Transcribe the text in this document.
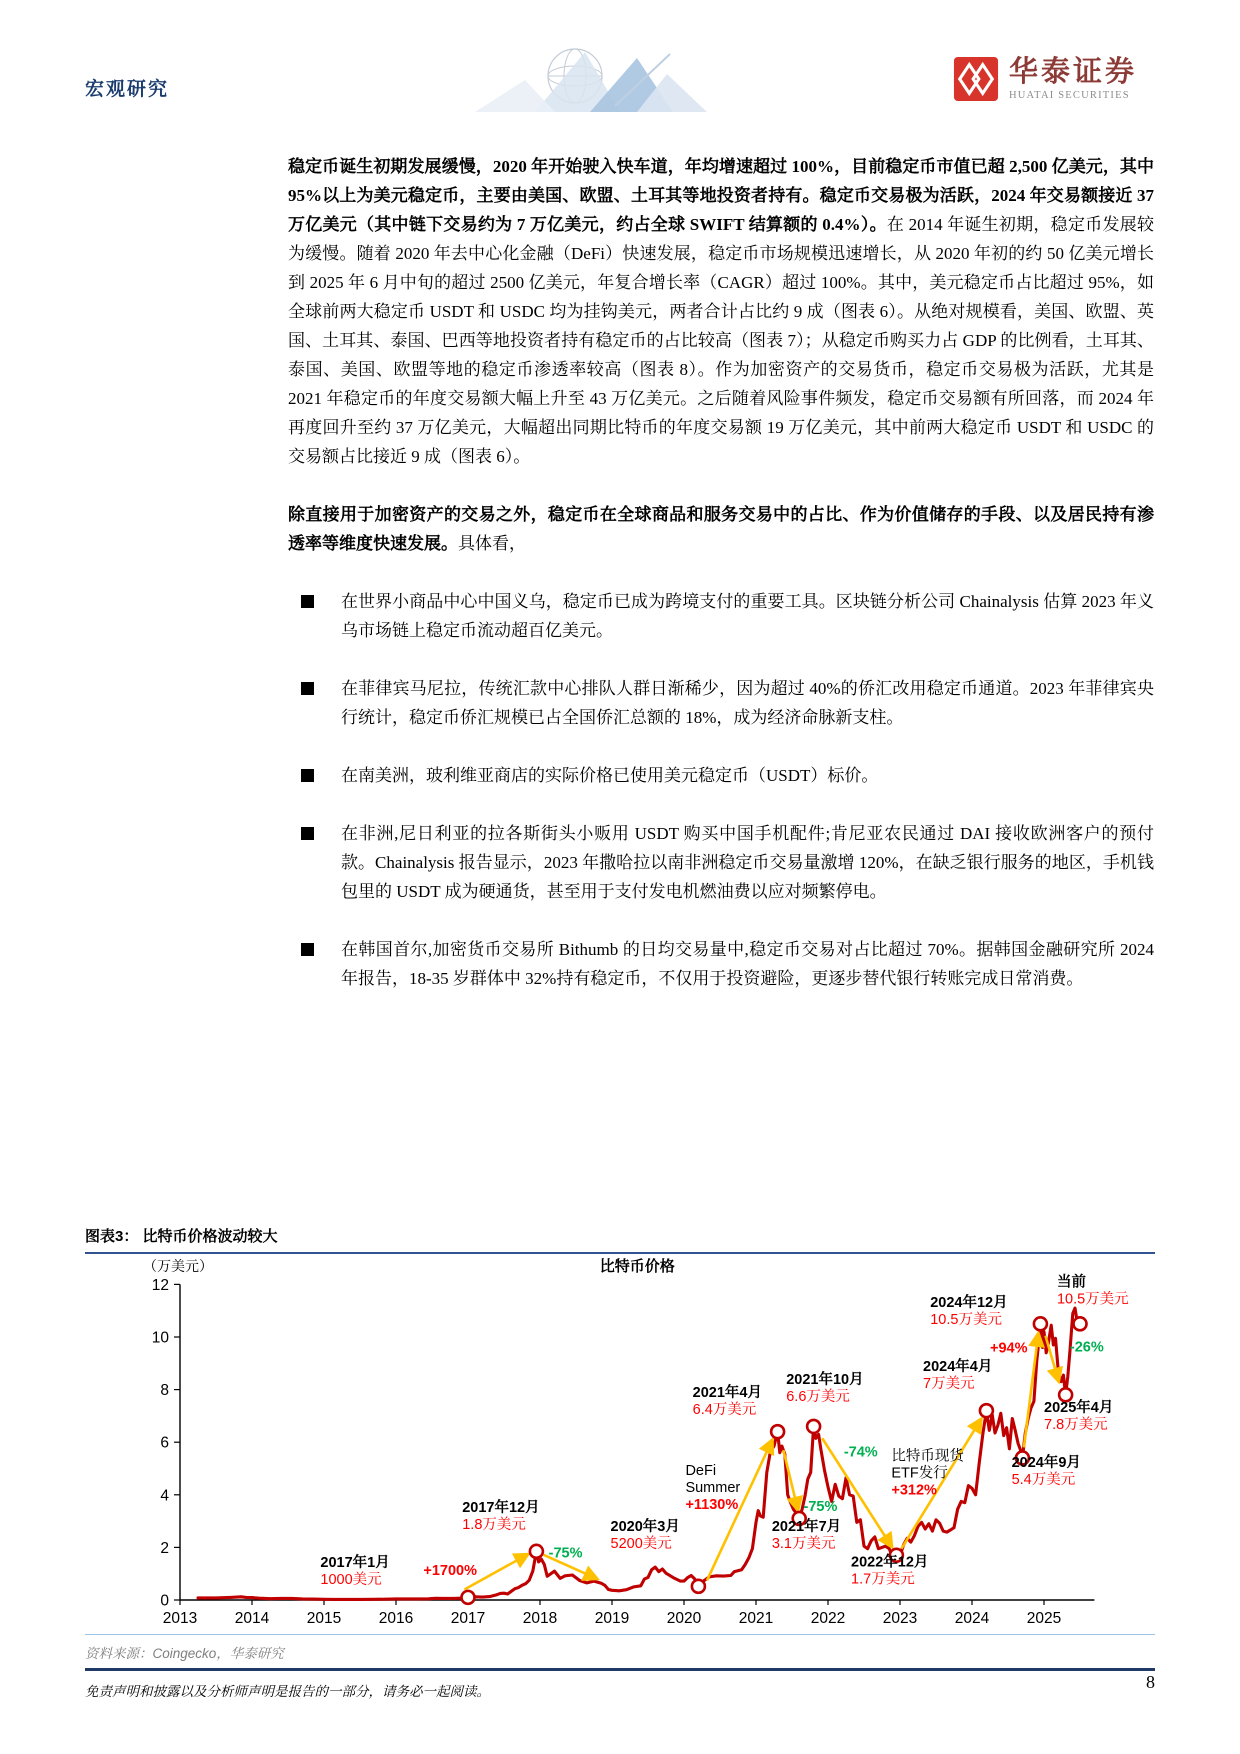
宏观研究
华泰证券
HUATAI SECURITIES

稳定币诞生初期发展缓慢，2020 年开始驶入快车道，年均增速超过 100%，目前稳定币市值已超 2,500 亿美元，其中 95%以上为美元稳定币，主要由美国、欧盟、土耳其等地投资者持有。稳定币交易极为活跃，2024 年交易额接近 37 万亿美元（其中链下交易约为 7 万亿美元，约占全球 SWIFT 结算额的 0.4%）。在 2014 年诞生初期，稳定币发展较为缓慢。随着 2020 年去中心化金融（DeFi）快速发展，稳定币市场规模迅速增长，从 2020 年初的约 50 亿美元增长到 2025 年 6 月中旬的超过 2500 亿美元，年复合增长率（CAGR）超过 100%。其中，美元稳定币占比超过 95%，如全球前两大稳定币 USDT 和 USDC 均为挂钩美元，两者合计占比约 9 成（图表 6）。从绝对规模看，美国、欧盟、英国、土耳其、泰国、巴西等地投资者持有稳定币的占比较高（图表 7）；从稳定币购买力占 GDP 的比例看，土耳其、泰国、美国、欧盟等地的稳定币渗透率较高（图表 8）。作为加密资产的交易货币，稳定币交易极为活跃，尤其是 2021 年稳定币的年度交易额大幅上升至 43 万亿美元。之后随着风险事件频发，稳定币交易额有所回落，而 2024 年再度回升至约 37 万亿美元，大幅超出同期比特币的年度交易额 19 万亿美元，其中前两大稳定币 USDT 和 USDC 的交易额占比接近 9 成（图表 6）。

除直接用于加密资产的交易之外，稳定币在全球商品和服务交易中的占比、作为价值储存的手段、以及居民持有渗透率等维度快速发展。具体看，

在世界小商品中心中国义乌，稳定币已成为跨境支付的重要工具。区块链分析公司 Chainalysis 估算 2023 年义乌市场链上稳定币流动超百亿美元。
在菲律宾马尼拉，传统汇款中心排队人群日渐稀少，因为超过 40%的侨汇改用稳定币通道。2023 年菲律宾央行统计，稳定币侨汇规模已占全国侨汇总额的 18%，成为经济命脉新支柱。
在南美洲，玻利维亚商店的实际价格已使用美元稳定币（USDT）标价。
在非洲,尼日利亚的拉各斯街头小贩用 USDT 购买中国手机配件;肯尼亚农民通过 DAI 接收欧洲客户的预付款。Chainalysis 报告显示，2023 年撒哈拉以南非洲稳定币交易量激增 120%，在缺乏银行服务的地区，手机钱包里的 USDT 成为硬通货，甚至用于支付发电机燃油费以应对频繁停电。
在韩国首尔,加密货币交易所 Bithumb 的日均交易量中,稳定币交易对占比超过 70%。据韩国金融研究所 2024 年报告，18-35 岁群体中 32%持有稳定币，不仅用于投资避险，更逐步替代银行转账完成日常消费。
图表3： 比特币价格波动较大
比特币价格
（万美元）
0
2
4
6
8
10
12
2013 2014 2015 2016 2017 2018 2019 2020 2021 2022 2023 2024 2025
2017年1月
1000美元
+1700%
2017年12月
1.8万美元
-75%
2020年3月
5200美元
DeFi
Summer
+1130%
2021年4月
6.4万美元
2021年7月
3.1万美元
-75%
2021年10月
6.6万美元
-74%
2022年12月
1.7万美元
比特币现货
ETF发行
+312%
2024年4月
7万美元
2024年12月
10.5万美元
+94%
2024年9月
5.4万美元
-26%
2025年4月
7.8万美元
当前
10.5万美元
资料来源：Coingecko，华泰研究
免责声明和披露以及分析师声明是报告的一部分，请务必一起阅读。	8
